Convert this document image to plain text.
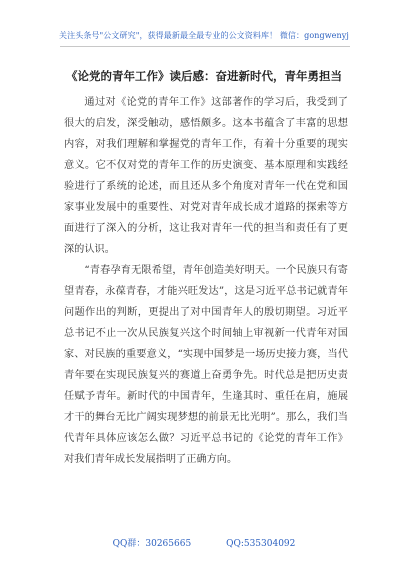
关注头条号"公文研究"，获得最新最全最专业的公文资料库！ 微信：gongwenyj
《论党的青年工作》读后感：奋进新时代，青年勇担当

通过对《论党的青年工作》这部著作的学习后，我受到了很大的启发，深受触动，感悟颇多。这本书蕴含了丰富的思想内容，对我们理解和掌握党的青年工作，有着十分重要的现实意义。它不仅对党的青年工作的历史演变、基本原理和实践经验进行了系统的论述，而且还从多个角度对青年一代在党和国家事业发展中的重要性、对党对青年成长成才道路的探索等方面进行了深入的分析，这让我对青年一代的担当和责任有了更深的认识。

“青春孕育无限希望，青年创造美好明天。一个民族只有寄望青春，永葆青春，才能兴旺发达”，这是习近平总书记就青年问题作出的判断，更提出了对中国青年人的殷切期望。习近平总书记不止一次从民族复兴这个时间轴上审视新一代青年对国家、对民族的重要意义，“实现中国梦是一场历史接力赛，当代青年要在实现民族复兴的赛道上奋勇争先。时代总是把历史责任赋予青年。新时代的中国青年，生逢其时、重任在肩，施展才干的舞台无比广阔实现梦想的前景无比光明”。那么，我们当代青年具体应该怎么做？习近平总书记的《论党的青年工作》对我们青年成长发展指明了正确方向。

QQ群：30265665	QQ:535304092
